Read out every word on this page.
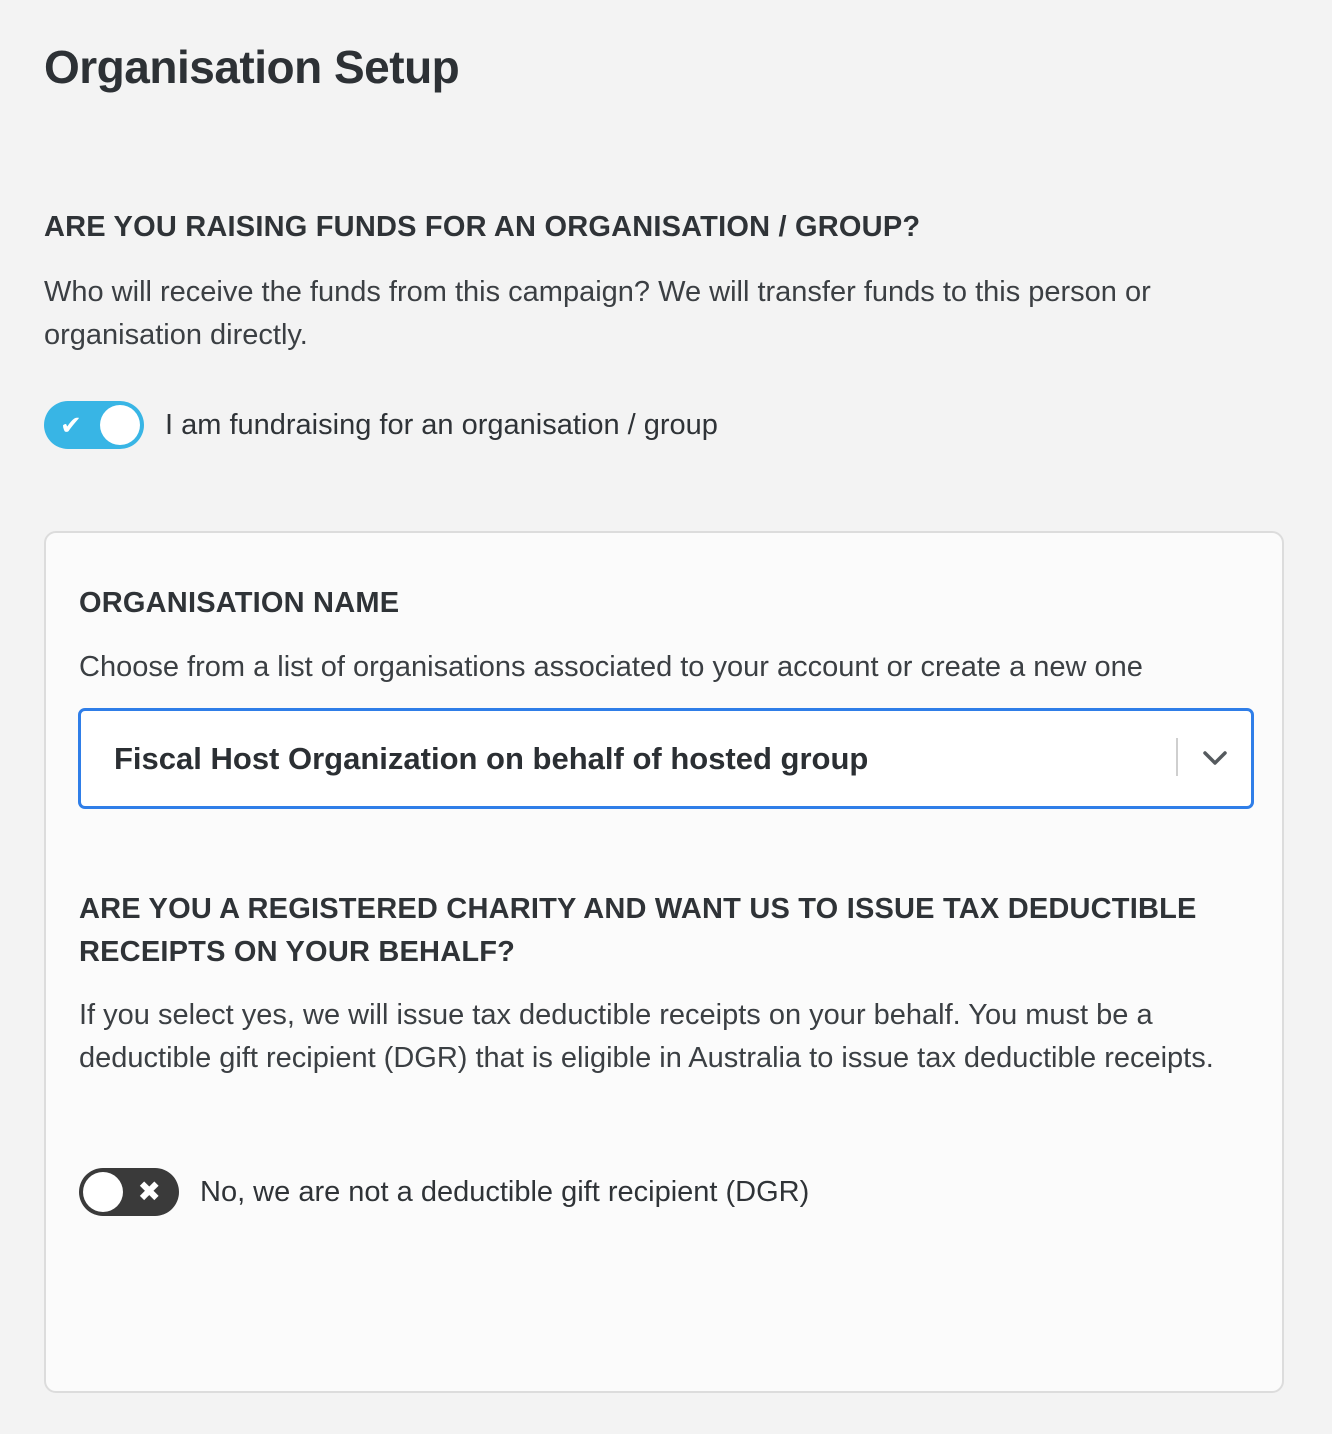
Organisation Setup
ARE YOU RAISING FUNDS FOR AN ORGANISATION / GROUP?

Who will receive the funds from this campaign? We will transfer funds to this person or organisation directly.

✔	I am fundraising for an organisation / group
ORGANISATION NAME

Choose from a list of organisations associated to your account or create a new one

Fiscal Host Organization on behalf of hosted group
ARE YOU A REGISTERED CHARITY AND WANT US TO ISSUE TAX DEDUCTIBLE RECEIPTS ON YOUR BEHALF?

If you select yes, we will issue tax deductible receipts on your behalf. You must be a deductible gift recipient (DGR) that is eligible in Australia to issue tax deductible receipts.

✖ No, we are not a deductible gift recipient (DGR)
